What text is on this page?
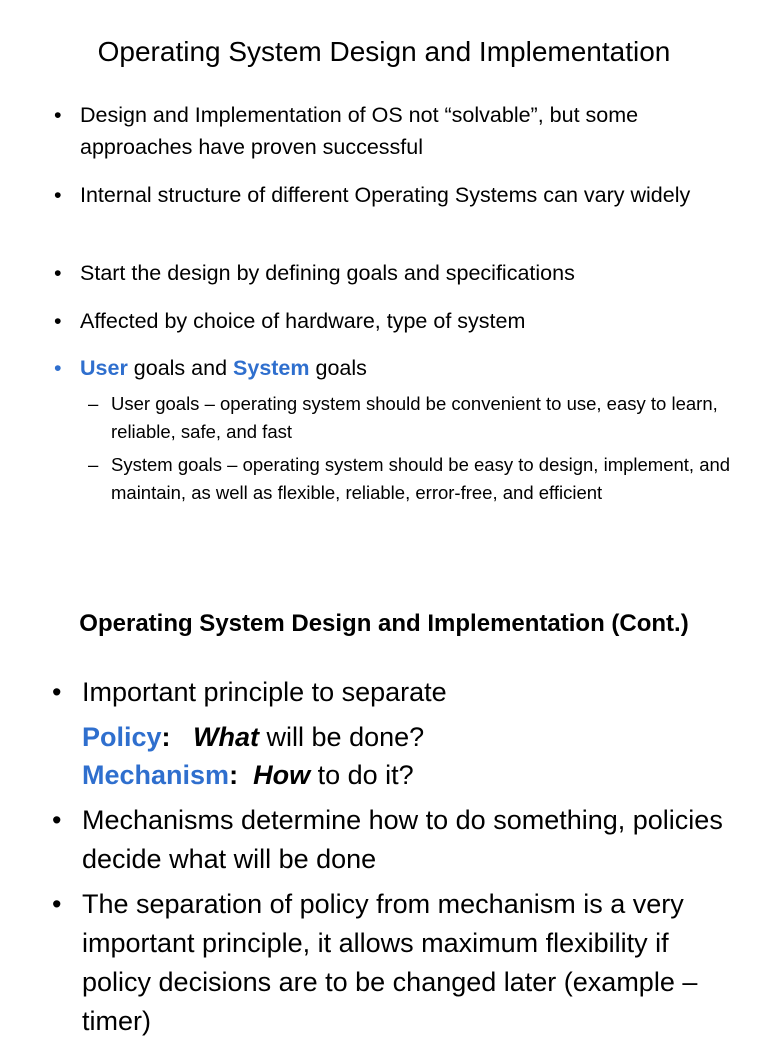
Operating System Design and Implementation
• Design and Implementation of OS not “solvable”, but some approaches have proven successful
• Internal structure of different Operating Systems can vary widely
• Start the design by defining goals and specifications
• Affected by choice of hardware, type of system
• User goals and System goals
– User goals – operating system should be convenient to use, easy to learn, reliable, safe, and fast
– System goals – operating system should be easy to design, implement, and maintain, as well as flexible, reliable, error-free, and efficient
Operating System Design and Implementation (Cont.)
• Important principle to separate
Policy: What will be done?
Mechanism: How to do it?
• Mechanisms determine how to do something, policies decide what will be done
• The separation of policy from mechanism is a very important principle, it allows maximum flexibility if policy decisions are to be changed later (example – timer)
